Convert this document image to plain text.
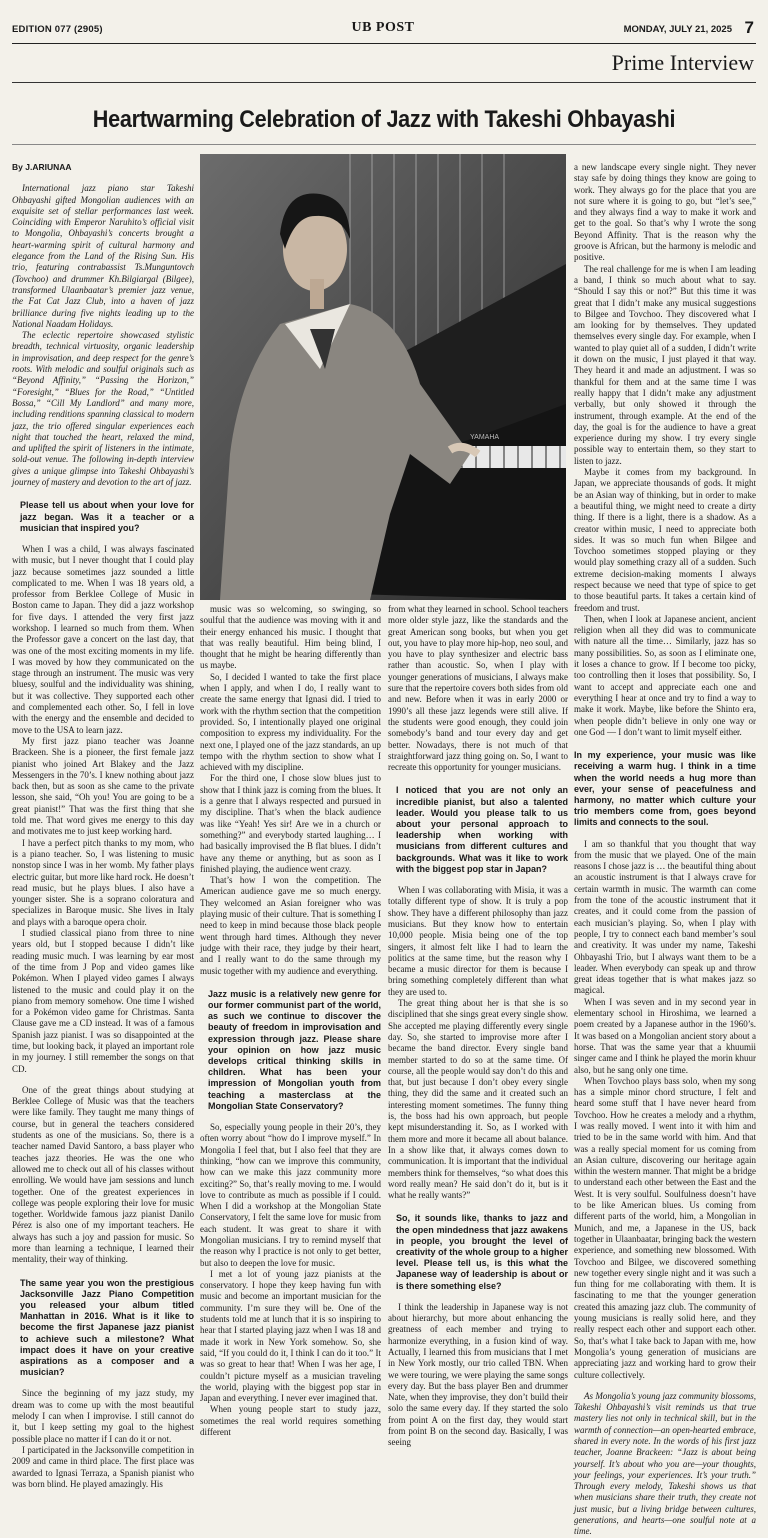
EDITION 077 (2905)	UB POST	MONDAY, JULY 21, 2025 7
Prime Interview
Heartwarming Celebration of Jazz with Takeshi Ohbayashi
By J.ARIUNAA

International jazz piano star Takeshi Ohbayashi gifted Mongolian audiences with an exquisite set of stellar performances last week. Coinciding with Emperor Naruhito’s official visit to Mongolia, Ohbayashi’s concerts brought a heart-warming spirit of cultural harmony and elegance from the Land of the Rising Sun. His trio, featuring contrabassist Ts.Munguntovch (Tovchoo) and drummer Kh.Bilgiargal (Bilgee), transformed Ulaanbaatar’s premier jazz venue, the Fat Cat Jazz Club, into a haven of jazz brilliance during five nights leading up to the National Naadam Holidays.

The eclectic repertoire showcased stylistic breadth, technical virtuosity, organic leadership in improvisation, and deep respect for the genre’s roots. With melodic and soulful originals such as “Beyond Affinity,” “Passing the Horizon,” “Foresight,” “Blues for the Road,” “Untitled Bossa,” “Cill My Landlord” and many more, including renditions spanning classical to modern jazz, the trio offered singular experiences each night that touched the heart, relaxed the mind, and uplifted the spirit of listeners in the intimate, sold-out venue. The following in-depth interview gives a unique glimpse into Takeshi Ohbayashi’s journey of mastery and devotion to the art of jazz.

Please tell us about when your love for jazz began. Was it a teacher or a musician that inspired you?

When I was a child, I was always fascinated with music, but I never thought that I could play jazz because sometimes jazz sounded a little complicated to me. When I was 18 years old, a professor from Berklee College of Music in Boston came to Japan. They did a jazz workshop for five days. I attended the very first jazz workshop. I learned so much from them. When the Professor gave a concert on the last day, that was one of the most exciting moments in my life. I was moved by how they communicated on the stage through an instrument. The music was very bluesy, soulful and the individuality was shining, but it was collective. They supported each other and complemented each other. So, I fell in love with the energy and the ensemble and decided to move to the USA to learn jazz.

My first jazz piano teacher was Joanne Brackeen. She is a pioneer, the first female jazz pianist who joined Art Blakey and the Jazz Messengers in the 70’s. I knew nothing about jazz back then, but as soon as she came to the private lesson, she said, “Oh you! You are going to be a great pianist!” That was the first thing that she told me. That word gives me energy to this day and motivates me to just keep working hard.

I have a perfect pitch thanks to my mom, who is a piano teacher. So, I was listening to music nonstop since I was in her womb. My father plays electric guitar, but more like hard rock. He doesn’t read music, but he plays blues. I also have a younger sister. She is a soprano coloratura and specializes in Baroque music. She lives in Italy and plays with a baroque opera choir.

I studied classical piano from three to nine years old, but I stopped because I didn’t like reading music much. I was learning by ear most of the time from J Pop and video games like Pokémon. When I played video games I always listened to the music and could play it on the piano from memory somehow. One time I wished for a Pokémon video game for Christmas. Santa Clause gave me a CD instead. It was of a famous Spanish jazz pianist. I was so disappointed at the time, but looking back, it played an important role in my journey. I still remember the songs on that CD.

One of the great things about studying at Berklee College of Music was that the teachers were like family. They taught me many things of course, but in general the teachers considered students as one of the musicians. So, there is a teacher named David Santoro, a bass player who teaches jazz theories. He was the one who allowed me to check out all of his classes without enrolling. We would have jam sessions and lunch together. One of the greatest experiences in college was people exploring their love for music together. Worldwide famous jazz pianist Danilo Pérez is also one of my important teachers. He always has such a joy and passion for music. So more than learning a technique, I learned their mentality, their way of thinking.

The same year you won the prestigious Jacksonville Jazz Piano Competition you released your album titled Manhattan in 2016. What is it like to become the first Japanese jazz pianist to achieve such a milestone? What impact does it have on your creative aspirations as a composer and a musician?

Since the beginning of my jazz study, my dream was to come up with the most beautiful melody I can when I improvise. I still cannot do it, but I keep setting my goal to the highest possible place no matter if I can do it or not.

I participated in the Jacksonville competition in 2009 and came in third place. The first place was awarded to Ignasi Terraza, a Spanish pianist who was born blind. He played amazingly. His

YAMAHA

music was so welcoming, so swinging, so soulful that the audience was moving with it and their energy enhanced his music. I thought that that was really beautiful. Him being blind, I thought that he might be hearing differently than us maybe.

So, I decided I wanted to take the first place when I apply, and when I do, I really want to create the same energy that Ignasi did. I tried to work with the rhythm section that the competition provided. So, I intentionally played one original composition to express my individuality. For the next one, I played one of the jazz standards, an up tempo with the rhythm section to show what I achieved with my discipline.

For the third one, I chose slow blues just to show that I think jazz is coming from the blues. It is a genre that I always respected and pursued in my discipline. That’s when the black audience was like “Yeah! Yes sir! Are we in a church or something?” and everybody started laughing… I had basically improvised the B flat blues. I didn’t have any theme or anything, but as soon as I finished playing, the audience went crazy.

That’s how I won the competition. The American audience gave me so much energy. They welcomed an Asian foreigner who was playing music of their culture. That is something I need to keep in mind because those black people went through hard times. Although they never judge with their race, they judge by their heart, and I really want to do the same through my music together with my audience and everything.

Jazz music is a relatively new genre for our former communist part of the world, as such we continue to discover the beauty of freedom in improvisation and expression through jazz. Please share your opinion on how jazz music develops critical thinking skills in children. What has been your impression of Mongolian youth from teaching a masterclass at the Mongolian State Conservatory?

So, especially young people in their 20’s, they often worry about “how do I improve myself.” In Mongolia I feel that, but I also feel that they are thinking, “how can we improve this community, how can we make this jazz community more exciting?” So, that’s really moving to me. I would love to contribute as much as possible if I could. When I did a workshop at the Mongolian State Conservatory, I felt the same love for music from each student. It was great to share it with Mongolian musicians. I try to remind myself that the reason why I practice is not only to get better, but also to deepen the love for music.

I met a lot of young jazz pianists at the conservatory. I hope they keep having fun with music and become an important musician for the community. I’m sure they will be. One of the students told me at lunch that it is so inspiring to hear that I started playing jazz when I was 18 and made it work in New York somehow. So, she said, “If you could do it, I think I can do it too.” It was so great to hear that! When I was her age, I couldn’t picture myself as a musician traveling the world, playing with the biggest pop star in Japan and everything. I never ever imagined that.

When young people start to study jazz, sometimes the real world requires something different

from what they learned in school. School teachers more older style jazz, like the standards and the great American song books, but when you get out, you have to play more hip-hop, neo soul, and you have to play synthesizer and electric bass rather than acoustic. So, when I play with younger generations of musicians, I always make sure that the repertoire covers both sides from old and new. Before when it was in early 2000 or 1990’s all these jazz legends were still alive. If the students were good enough, they could join somebody’s band and tour every day and get better. Nowadays, there is not much of that straightforward jazz thing going on. So, I want to recreate this opportunity for younger musicians.

I noticed that you are not only an incredible pianist, but also a talented leader. Would you please talk to us about your personal approach to leadership when working with musicians from different cultures and backgrounds. What was it like to work with the biggest pop star in Japan?

When I was collaborating with Misia, it was a totally different type of show. It is truly a pop show. They have a different philosophy than jazz musicians. But they know how to entertain 10,000 people. Misia being one of the top singers, it almost felt like I had to learn the politics at the same time, but the reason why I became a music director for them is because I bring something completely different than what they are used to.

The great thing about her is that she is so disciplined that she sings great every single show. She accepted me playing differently every single day. So, she started to improvise more after I became the band director. Every single band member started to do so at the same time. Of course, all the people would say don’t do this and that, but just because I don’t obey every single thing, they did the same and it created such an interesting moment sometimes. The funny thing is, the boss had his own approach, but people kept misunderstanding it. So, as I worked with them more and more it became all about balance. In a show like that, it always comes down to communication. It is important that the individual members think for themselves, “so what does this word really mean? He said don’t do it, but is it what he really wants?”

So, it sounds like, thanks to jazz and the open mindedness that jazz awakens in people, you brought the level of creativity of the whole group to a higher level. Please tell us, is this what the Japanese way of leadership is about or is there something else?

I think the leadership in Japanese way is not about hierarchy, but more about enhancing the greatness of each member and trying to harmonize everything, in a fusion kind of way. Actually, I learned this from musicians that I met in New York mostly, our trio called TBN. When we were touring, we were playing the same songs every day. But the bass player Ben and drummer Nate, when they improvise, they don’t build their solo the same every day. If they started the solo from point A on the first day, they would start from point B on the second day. Basically, I was seeing

a new landscape every single night. They never stay safe by doing things they know are going to work. They always go for the place that you are not sure where it is going to go, but “let’s see,” and they always find a way to make it work and get to the goal. So that’s why I wrote the song Beyond Affinity. That is the reason why the groove is African, but the harmony is melodic and positive.

The real challenge for me is when I am leading a band, I think so much about what to say. “Should I say this or not?” But this time it was great that I didn’t make any musical suggestions to Bilgee and Tovchoo. They discovered what I am looking for by themselves. They updated themselves every single day. For example, when I wanted to play quiet all of a sudden, I didn’t write it down on the music, I just played it that way. They heard it and made an adjustment. I was so thankful for them and at the same time I was really happy that I didn’t make any adjustment verbally, but only showed it through the instrument, through example. At the end of the day, the goal is for the audience to have a great experience during my show. I try every single possible way to entertain them, so they start to listen to jazz.

Maybe it comes from my background. In Japan, we appreciate thousands of gods. It might be an Asian way of thinking, but in order to make a beautiful thing, we might need to create a dirty thing. If there is a light, there is a shadow. As a creator within music, I need to appreciate both sides. It was so much fun when Bilgee and Tovchoo sometimes stopped playing or they would play something crazy all of a sudden. Such extreme decision-making moments I always respect because we need that type of spice to get to those beautiful parts. It takes a certain kind of freedom and trust.

Then, when I look at Japanese ancient, ancient religion when all they did was to communicate with nature all the time… Similarly, jazz has so many possibilities. So, as soon as I eliminate one, it loses a chance to grow. If I become too picky, too controlling then it loses that possibility. So, I want to accept and appreciate each one and everything I hear at once and try to find a way to make it work. Maybe, like before the Shinto era, when people didn’t believe in only one way or one God — I don’t want to limit myself either.

In my experience, your music was like receiving a warm hug. I think in a time when the world needs a hug more than ever, your sense of peacefulness and harmony, no matter which culture your trio members come from, goes beyond limits and connects to the soul.

I am so thankful that you thought that way from the music that we played. One of the main reasons I chose jazz is … the beautiful thing about an acoustic instrument is that I always crave for certain warmth in music. The warmth can come from the tone of the acoustic instrument that it creates, and it could come from the passion of each musician’s playing. So, when I play with people, I try to connect each band member’s soul and creativity. It was under my name, Takeshi Ohbayashi Trio, but I always want them to be a leader. When everybody can speak up and throw great ideas together that is what makes jazz so magical.

When I was seven and in my second year in elementary school in Hiroshima, we learned a poem created by a Japanese author in the 1960’s. It was based on a Mongolian ancient story about a horse. That was the same year that a khuumii singer came and I think he played the morin khuur also, but he sang only one time.

When Tovchoo plays bass solo, when my song has a simple minor chord structure, I felt and heard some stuff that I have never heard from Tovchoo. How he creates a melody and a rhythm, I was really moved. I went into it with him and tried to be in the same world with him. And that was a really special moment for us coming from an Asian culture, discovering our heritage again within the western manner. That might be a bridge to understand each other between the East and the West. It is very soulful. Soulfulness doesn’t have to be like American blues. Us coming from different parts of the world, him, a Mongolian in Munich, and me, a Japanese in the US, back together in Ulaanbaatar, bringing back the western experience, and something new blossomed. With Tovchoo and Bilgee, we discovered something new together every single night and it was such a fun thing for me collaborating with them. It is fascinating to me that the younger generation created this amazing jazz club. The community of young musicians is really solid here, and they really respect each other and support each other. So, that’s what I take back to Japan with me, how Mongolia’s young generation of musicians are appreciating jazz and working hard to grow their culture collectively.

As Mongolia’s young jazz community blossoms, Takeshi Ohbayashi’s visit reminds us that true mastery lies not only in technical skill, but in the warmth of connection—an open-hearted embrace, shared in every note. In the words of his first jazz teacher, Joanne Brackeen: “Jazz is about being yourself. It’s about who you are—your thoughts, your feelings, your experiences. It’s your truth.” Through every melody, Takeshi shows us that when musicians share their truth, they create not just music, but a living bridge between cultures, generations, and hearts—one soulful note at a time.
